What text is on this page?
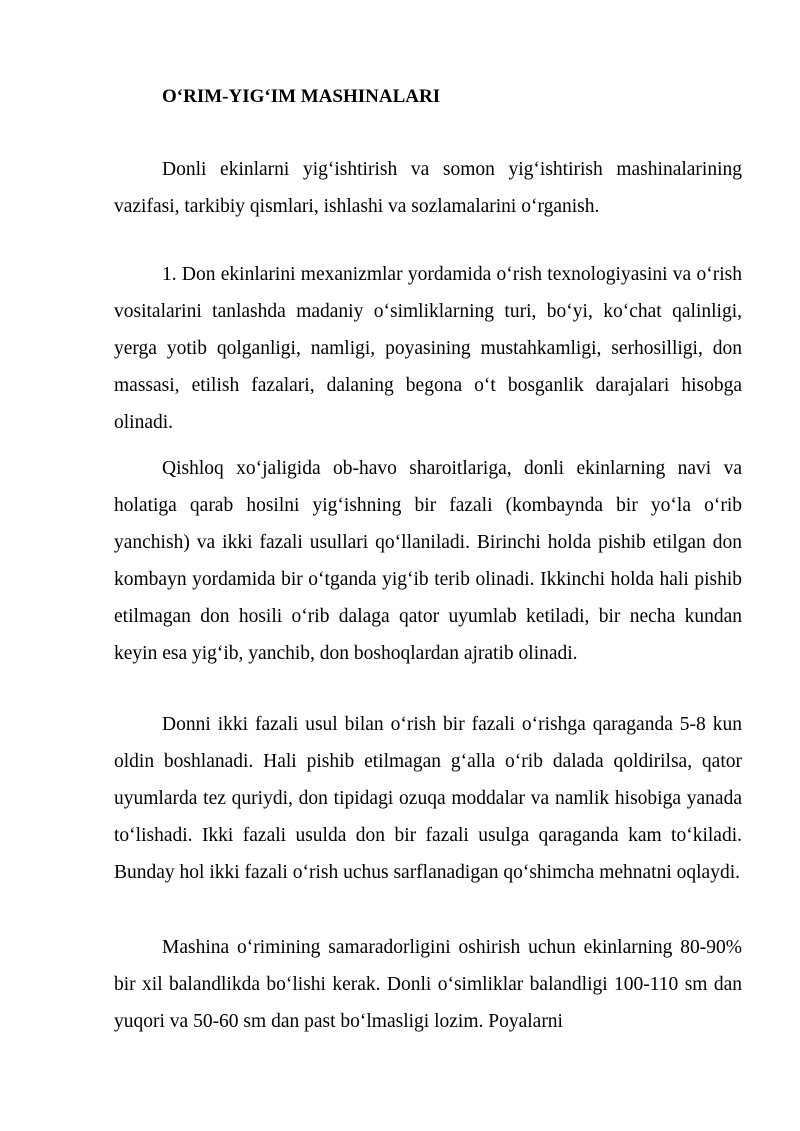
O‘RIM-YIG‘IM MASHINALARI

Donli ekinlarni yig‘ishtirish va somon yig‘ishtirish mashinalarining vazifasi, tarkibiy qismlari, ishlashi va sozlamalarini o‘rganish.

1. Don ekinlarini mexanizmlar yordamida o‘rish texnologiyasini va o‘rish vositalarini tanlashda madaniy o‘simliklarning turi, bo‘yi, ko‘chat qalinligi, yerga yotib qolganligi, namligi, poyasining mustahkamligi, serhosilligi, don massasi, etilish fazalari, dalaning begona o‘t bosganlik darajalari hisobga olinadi.

Qishloq xo‘jaligida ob-havo sharoitlariga, donli ekinlarning navi va holatiga qarab hosilni yig‘ishning bir fazali (kombaynda bir yo‘la o‘rib yanchish) va ikki fazali usullari qo‘llaniladi. Birinchi holda pishib etilgan don kombayn yordamida bir o‘tganda yig‘ib terib olinadi. Ikkinchi holda hali pishib etilmagan don hosili o‘rib dalaga qator uyumlab ketiladi, bir necha kundan keyin esa yig‘ib, yanchib, don boshoqlardan ajratib olinadi.

Donni ikki fazali usul bilan o‘rish bir fazali o‘rishga qaraganda 5-8 kun oldin boshlanadi. Hali pishib etilmagan g‘alla o‘rib dalada qoldirilsa, qator uyumlarda tez quriydi, don tipidagi ozuqa moddalar va namlik hisobiga yanada to‘lishadi. Ikki fazali usulda don bir fazali usulga qaraganda kam to‘kiladi. Bunday hol ikki fazali o‘rish uchus sarflanadigan qo‘shimcha mehnatni oqlaydi.

Mashina o‘rimining samaradorligini oshirish uchun ekinlarning 80-90% bir xil balandlikda bo‘lishi kerak. Donli o‘simliklar balandligi 100-110 sm dan yuqori va 50-60 sm dan past bo‘lmasligi lozim. Poyalarni
